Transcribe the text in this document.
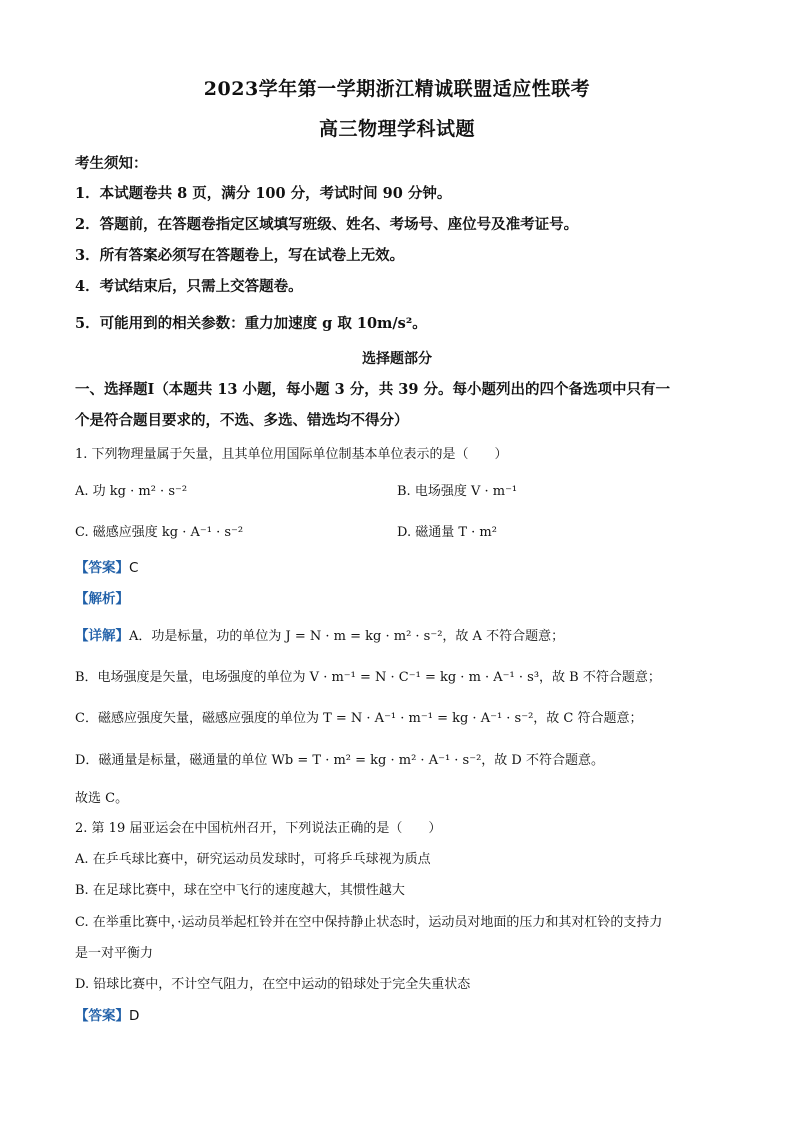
2023学年第一学期浙江精诚联盟适应性联考
高三物理学科试题
考生须知：
1．本试题卷共 8 页，满分 100 分，考试时间 90 分钟。
2．答题前，在答题卷指定区域填写班级、姓名、考场号、座位号及准考证号。
3．所有答案必须写在答题卷上，写在试卷上无效。
4．考试结束后，只需上交答题卷。
5．可能用到的相关参数：重力加速度 g 取 10m/s²。
选择题部分
一、选择题Ⅰ（本题共 13 小题，每小题 3 分，共 39 分。每小题列出的四个备选项中只有一
个是符合题目要求的，不选、多选、错选均不得分）
1. 下列物理量属于矢量，且其单位用国际单位制基本单位表示的是（　　）
A. 功 kg · m² · s⁻²	B. 电场强度 V · m⁻¹
C. 磁感应强度 kg · A⁻¹ · s⁻²	D. 磁通量 T · m²
【答案】C
【解析】
【详解】A．功是标量，功的单位为 J = N · m = kg · m² · s⁻²，故 A 不符合题意；
B．电场强度是矢量，电场强度的单位为 V · m⁻¹ = N · C⁻¹ = kg · m · A⁻¹ · s³，故 B 不符合题意；
C．磁感应强度矢量，磁感应强度的单位为 T = N · A⁻¹ · m⁻¹ = kg · A⁻¹ · s⁻²，故 C 符合题意；
D．磁通量是标量，磁通量的单位 Wb = T · m² = kg · m² · A⁻¹ · s⁻²，故 D 不符合题意。
故选 C。
2. 第 19 届亚运会在中国杭州召开，下列说法正确的是（　　）
A. 在乒乓球比赛中，研究运动员发球时，可将乒乓球视为质点
B. 在足球比赛中，球在空中飞行的速度越大，其惯性越大
C. 在举重比赛中，·运动员举起杠铃并在空中保持静止状态时，运动员对地面的压力和其对杠铃的支持力
是一对平衡力
D. 铅球比赛中，不计空气阻力，在空中运动的铅球处于完全失重状态
【答案】D
